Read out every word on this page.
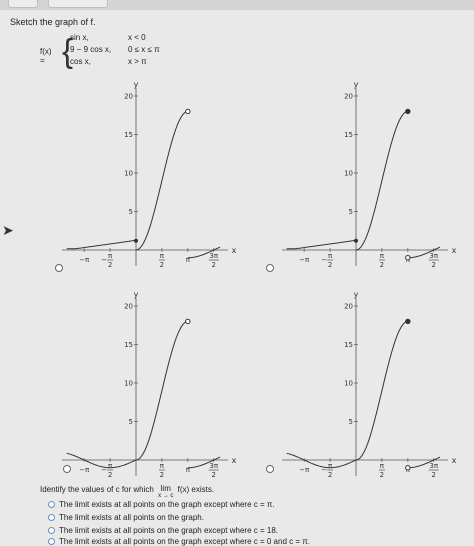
Sketch the graph of f.
f(x) = {
sin x,	x < 0
9 − 9 cos x, 0 ≤ x ≤ π
cos x,	x > π
➤
y
x
20
15
10
5
−π − π
2
π
2
π	3π
2
y
x
20
15
10
5
−π − π
2
π
2
3π
2
y
x
20
15
10
5
−π − π
2
π
2
π	3π
2
y
x
20
15
10
5
−π − π
2
π
2
3π
2
Identify the values of c for which lim
x → c
f(x) exists.
The limit exists at all points on the graph except where c = π.
The limit exists at all points on the graph.
The limit exists at all points on the graph except where c = 18.
The limit exists at all points on the graph except where c = 0 and c = π.
